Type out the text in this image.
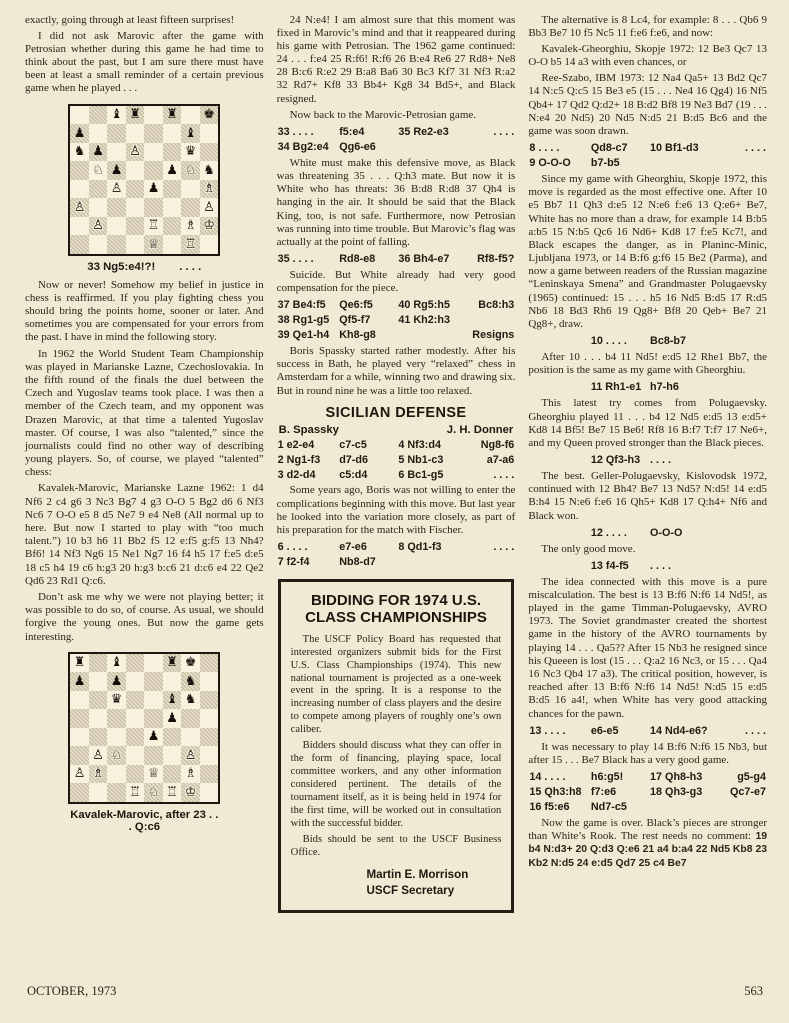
exactly, going through at least fifteen surprises!
I did not ask Marovic after the game with Petrosian whether during this game he had time to think about the past, but I am sure there must have been at least a small reminder of a certain previous game when he played . . .
♝ ♜ ♜ ♚
♟	♝
♞ ♟ ♙	♛
♘ ♟	♟ ♘ ♞
♙ ♟	♗
♙	♙
♙	♖ ♗ ♔
♕ ♖
33 Ng5:e4!?! . . . .
Now or never! Somehow my belief in justice in chess is reaffirmed. If you play fighting chess you should bring the points home, sooner or later. And sometimes you are compensated for your errors from the past. I have in mind the following story.
In 1962 the World Student Team Championship was played in Marianske Lazne, Czechoslovakia. In the fifth round of the finals the duel between the Czech and Yugoslav teams took place. I was then a member of the Czech team, and my opponent was Drazen Marovic, at that time a talented Yugoslav master. Of course, I was also “talented,” since the journalists could find no other way of describing young players. So, of course, we played “talented” chess:
Kavalek-Marovic, Marianske Lazne 1962: 1 d4 Nf6 2 c4 g6 3 Nc3 Bg7 4 g3 O-O 5 Bg2 d6 6 Nf3 Nc6 7 O-O e5 8 d5 Ne7 9 e4 Ne8 (All normal up to here. But now I started to play with “too much talent.”) 10 b3 h6 11 Bb2 f5 12 e:f5 g:f5 13 Nh4? Bf6! 14 Nf3 Ng6 15 Ne1 Ng7 16 f4 h5 17 f:e5 d:e5 18 c5 h4 19 c6 h:g3 20 h:g3 b:c6 21 d:c6 e4 22 Qe2 Qd6 23 Rd1 Q:c6.
Don’t ask me why we were not playing better; it was possible to do so, of course. As usual, we should forgive the young ones. But now the game gets interesting.
♜ ♝	♜ ♚
♟ ♟	♞
♛	♝ ♞
♟
♟
♙ ♘	♙
♙ ♗	♕ ♗
♖ ♘ ♖ ♔
Kavalek-Marovic, after 23 . . . Q:c6
24 N:e4! I am almost sure that this moment was fixed in Marovic’s mind and that it reappeared during his game with Petrosian. The 1962 game continued: 24 . . . f:e4 25 R:f6! R:f6 26 B:e4 Re6 27 Rd8+ Ne8 28 B:c6 R:e2 29 B:a8 Ba6 30 Bc3 Kf7 31 Nf3 R:a2 32 Rd7+ Kf8 33 Bb4+ Kg8 34 Bd5+, and Black resigned.
Now back to the Marovic-Petrosian game.
33 . . . .	f5:e4	35 Re2-e3	. . . .
34 Bg2:e4 Qg6-e6
White must make this defensive move, as Black was threatening 35 . . . Q:h3 mate. But now it is White who has threats: 36 B:d8 R:d8 37 Qh4 is hanging in the air. It should be said that the Black King, too, is not safe. Furthermore, now Petrosian was running into time trouble. But Marovic’s flag was actually at the point of falling.
35 . . . .	Rd8-e8	36 Bh4-e7	Rf8-f5?
Suicide. But White already had very good compensation for the piece.
37 Be4:f5	Qe6:f5	40 Rg5:h5	Bc8:h3
38 Rg1-g5 Qf5-f7	41 Kh2:h3
39 Qe1-h4 Kh8-g8	Resigns
Boris Spassky started rather modestly. After his success in Bath, he played very “relaxed” chess in Amsterdam for a while, winning two and drawing six. But in round nine he was a little too relaxed.
SICILIAN DEFENSE
B. Spassky	J. H. Donner
1 e2-e4	c7-c5	4 Nf3:d4	Ng8-f6
2 Ng1-f3	d7-d6	5 Nb1-c3	a7-a6
3 d2-d4	c5:d4	6 Bc1-g5	. . . .
Some years ago, Boris was not willing to enter the complications beginning with this move. But last year he looked into the variation more closely, as part of his preparation for the match with Fischer.
6 . . . .	e7-e6	8 Qd1-f3	. . . .
7 f2-f4	Nb8-d7
BIDDING FOR 1974 U.S.
CLASS CHAMPIONSHIPS
The USCF Policy Board has requested that interested organizers submit bids for the First U.S. Class Championships (1974). This new national tournament is projected as a one-week event in the spring. It is a response to the increasing number of class players and the desire to compete among players of roughly one’s own caliber.
Bidders should discuss what they can offer in the form of financing, playing space, local committee workers, and any other information considered pertinent. The details of the tournament itself, as it is being held in 1974 for the first time, will be worked out in consultation with the successful bidder.
Bids should be sent to the USCF Business Office.
Martin E. Morrison
USCF Secretary
The alternative is 8 Lc4, for example: 8 . . . Qb6 9 Bb3 Be7 10 f5 Nc5 11 f:e6 f:e6, and now:
Kavalek-Gheorghiu, Skopje 1972: 12 Be3 Qc7 13 O-O b5 14 a3 with even chances, or
Ree-Szabo, IBM 1973: 12 Na4 Qa5+ 13 Bd2 Qc7 14 N:c5 Q:c5 15 Be3 e5 (15 . . . Ne4 16 Qg4) 16 Nf5 Qb4+ 17 Qd2 Q:d2+ 18 B:d2 Bf8 19 Ne3 Bd7 (19 . . . N:e4 20 Nd5) 20 Nd5 N:d5 21 B:d5 Bc6 and the game was soon drawn.
8 . . . .	Qd8-c7	10 Bf1-d3	. . . .
9 O-O-O	b7-b5
Since my game with Gheorghiu, Skopje 1972, this move is regarded as the most effective one. After 10 e5 Bb7 11 Qh3 d:e5 12 N:e6 f:e6 13 Q:e6+ Be7, White has no more than a draw, for example 14 B:b5 a:b5 15 N:b5 Qc6 16 Nd6+ Kd8 17 f:e5 Kc7!, and Black escapes the danger, as in Planinc-Minic, Ljubljana 1973, or 14 B:f6 g:f6 15 Be2 (Parma), and now a game between readers of the Russian magazine “Leninskaya Smena” and Grandmaster Polugaevsky (1965) continued: 15 . . . h5 16 Nd5 B:d5 17 R:d5 Nb6 18 Bd3 Rh6 19 Qg8+ Bf8 20 Qeb+ Be7 21 Qg8+, draw.
10 . . . .	Bc8-b7
After 10 . . . b4 11 Nd5! e:d5 12 Rhe1 Bb7, the position is the same as my game with Gheorghiu.
11 Rh1-e1 h7-h6
This latest try comes from Polugaevsky. Gheorghiu played 11 . . . b4 12 Nd5 e:d5 13 e:d5+ Kd8 14 Bf5! Be7 15 Be6! Rf8 16 B:f7 T:f7 17 Ne6+, and my Queen proved stronger than the Black pieces.
12 Qf3-h3 . . . .
The best. Geller-Polugaevsky, Kislovodsk 1972, continued with 12 Bh4? Be7 13 Nd5? N:d5! 14 e:d5 B:h4 15 N:e6 f:e6 16 Qh5+ Kd8 17 Q:h4+ Nf6 and Black won.
12 . . . .	O-O-O
The only good move.
13 f4-f5	. . . .
The idea connected with this move is a pure miscalculation. The best is 13 B:f6 N:f6 14 Nd5!, as played in the game Timman-Polugaevsky, AVRO 1973. The Soviet grandmaster created the shortest game in the history of the AVRO tournaments by playing 14 . . . Qa5?? After 15 Nb3 he resigned since his Queeen is lost (15 . . . Q:a2 16 Nc3, or 15 . . . Qa4 16 Nc3 Qb4 17 a3). The critical position, however, is reached after 13 B:f6 N:f6 14 Nd5! N:d5 15 e:d5 B:d5 16 a4!, when White has very good attacking chances for the pawn.
13 . . . .	e6-e5	14 Nd4-e6?	. . . .
It was necessary to play 14 B:f6 N:f6 15 Nb3, but after 15 . . . Be7 Black has a very good game.
14 . . . .	h6:g5!	17 Qh8-h3	g5-g4
15 Qh3:h8 f7:e6	18 Qh3-g3	Qc7-e7
16 f5:e6	Nd7-c5
Now the game is over. Black’s pieces are stronger than White’s Rook. The rest needs no comment: 19 b4 N:d3+ 20 Q:d3 Q:e6 21 a4 b:a4 22 Nd5 Kb8 23 Kb2 N:d5 24 e:d5 Qd7 25 c4 Be7
OCTOBER, 1973	563
